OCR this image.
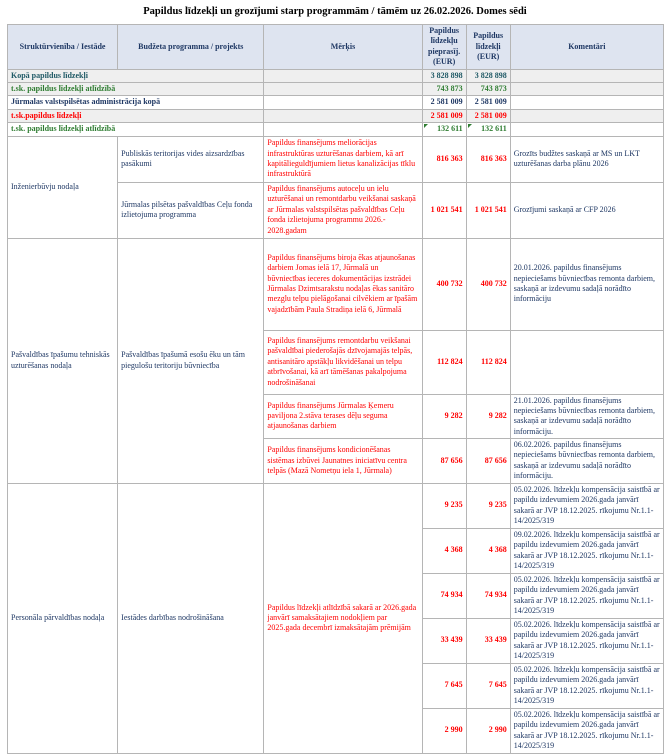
Papildus līdzekļi un grozījumi starp programmām / tāmēm uz 26.02.2026. Domes sēdi
Struktūrvienība / Iestāde	Budžeta programma / projekts	Mērķis	Papildus līdzekļu pieprasīj. (EUR)	Papildus līdzekļi (EUR)	Komentāri
Kopā papildus līdzekļi			3 828 898	3 828 898	
t.sk. papildus līdzekļi atlīdzībā			743 873	743 873	
Jūrmalas valstspilsētas administrācija kopā			2 581 009	2 581 009	
t.sk.papildus līdzekļi			2 581 009	2 581 009	
t.sk. papildus līdzekļi atlīdzībā			132 611	132 611	
Inženierbūvju nodaļa	Publiskās teritorijas vides aizsardzības pasākumi	Papildus finansējums meliorācijas infrastruktūras uzturēšanas darbiem, kā arī kapitālieguldījumiem lietus kanalizācijas tīklu infrastruktūrā	816 363	816 363	Grozīts budžtes saskaņā ar MS un LKT uzturēšanas darba plānu 2026
	Jūrmalas pilsētas pašvaldības Ceļu fonda izlietojuma programma	Papildus finansējums autoceļu un ielu uzturēšanai un remontdarbu veikšanai saskaņā ar Jūrmalas valstspilsētas pašvaldības Ceļu fonda izlietojuma programmu 2026.- 2028.gadam	1 021 541	1 021 541	Grozījumi saskaņā ar CFP 2026
Pašvaldības īpašumu tehniskās uzturēšanas nodaļa	Pašvaldības īpašumā esošu ēku un tām piegulošu teritoriju būvniecība	Papildus finansējums biroja ēkas atjaunošanas darbiem Jomas ielā 17, Jūrmalā un būvniecības ieceres dokumentācijas izstrādei Jūrmalas Dzimtsarakstu nodaļas ēkas sanitāro mezglu telpu pielāgošanai cilvēkiem ar īpašām vajadzībām Paula Stradiņa ielā 6, Jūrmalā	400 732	400 732	20.01.2026. papildus finansējums nepieciešams būvniecības remonta darbiem, saskaņā ar izdevumu sadaļā norādīto informāciju
		Papildus finansējums remontdarbu veikšanai pašvaldībai piederošajās dzīvojamajās telpās, antisanitāro apstākļu likvidēšanai un telpu atbrīvošanai, kā arī tāmēšanas pakalpojuma nodrošināšanai	112 824	112 824	
		Papildus finansējums Jūrmalas Ķemeru paviljona 2.stāva terases dēļu seguma atjaunošanas darbiem	9 282	9 282	21.01.2026. papildus finansējums nepieciešams būvniecības remonta darbiem, saskaņā ar izdevumu sadaļā norādīto informāciju.
		Papildus finansējums kondicionēšanas sistēmas izbūvei Jaunatnes iniciatīvu centra telpās (Mazā Nometņu iela 1, Jūrmala)	87 656	87 656	06.02.2026. papildus finansējums nepieciešams būvniecības remonta darbiem, saskaņā ar izdevumu sadaļā norādīto informāciju.
Personāla pārvaldības nodaļa	Iestādes darbības nodrošināšana	Papildus līdzekļi atlīdzībā sakarā ar 2026.gada janvārī samaksātajiem nodokļiem par 2025.gada decembrī izmaksātajām prēmijām	9 235	9 235	05.02.2026. līdzekļu kompensācija saistībā ar papildu izdevumiem 2026.gada janvārī sakarā ar JVP 18.12.2025. rīkojumu Nr.1.1-14/2025/319
			4 368	4 368	09.02.2026. līdzekļu kompensācija saistībā ar papildu izdevumiem 2026.gada janvārī sakarā ar JVP 18.12.2025. rīkojumu Nr.1.1-14/2025/319
			74 934	74 934	05.02.2026. līdzekļu kompensācija saistībā ar papildu izdevumiem 2026.gada janvārī sakarā ar JVP 18.12.2025. rīkojumu Nr.1.1-14/2025/319
			33 439	33 439	05.02.2026. līdzekļu kompensācija saistībā ar papildu izdevumiem 2026.gada janvārī sakarā ar JVP 18.12.2025. rīkojumu Nr.1.1-14/2025/319
			7 645	7 645	05.02.2026. līdzekļu kompensācija saistībā ar papildu izdevumiem 2026.gada janvārī sakarā ar JVP 18.12.2025. rīkojumu Nr.1.1-14/2025/319
			2 990	2 990	05.02.2026. līdzekļu kompensācija saistībā ar papildu izdevumiem 2026.gada janvārī sakarā ar JVP 18.12.2025. rīkojumu Nr.1.1-14/2025/319
